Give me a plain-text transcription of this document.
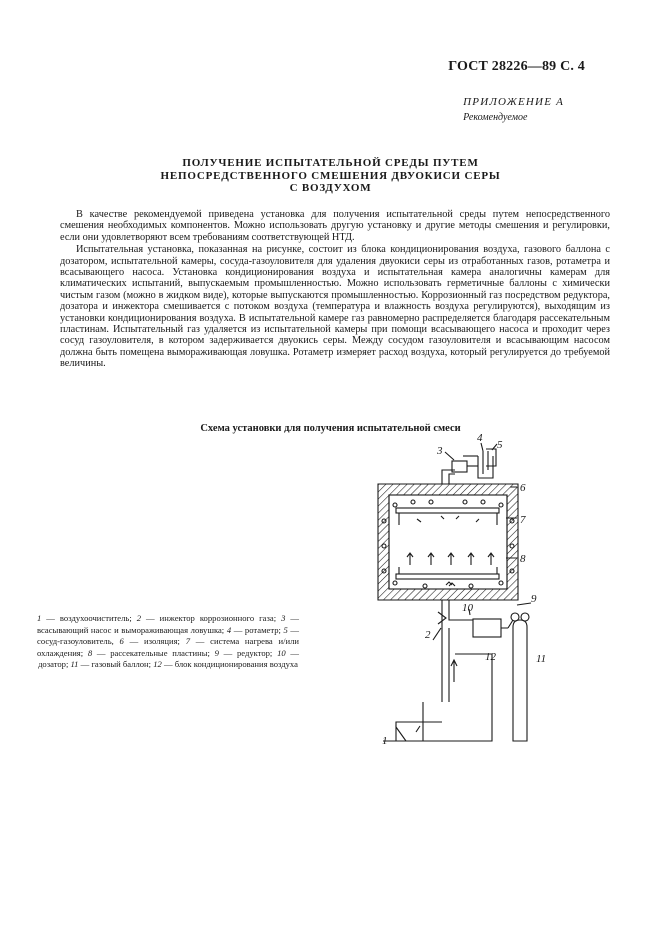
ГОСТ 28226—89 С. 4
ПРИЛОЖЕНИЕ А
Рекомендуемое
ПОЛУЧЕНИЕ ИСПЫТАТЕЛЬНОЙ СРЕДЫ ПУТЕМ
НЕПОСРЕДСТВЕННОГО СМЕШЕНИЯ ДВУОКИСИ СЕРЫ
С ВОЗДУХОМ

В качестве рекомендуемой приведена установка для получения испытательной среды путем непосредственного смешения необходимых компонентов. Можно использовать другую установку и другие методы смешения и регулировки, если они удовлетворяют всем требованиям соответствующей НТД.

Испытательная установка, показанная на рисунке, состоит из блока кондиционирования воздуха, газового баллона с дозатором, испытательной камеры, сосуда-газоуловителя для удаления двуокиси серы из отработанных газов, ротаметра и всасывающего насоса. Установка кондиционирования воздуха и испытательная камера аналогичны камерам для климатических испытаний, выпускаемым промышленностью. Можно использовать герметичные баллоны с химически чистым газом (можно в жидком виде), которые выпускаются промышленностью. Коррозионный газ посредством редуктора, дозатора и инжектора смешивается с потоком воздуха (температура и влажность воздуха регулируются), выходящим из установки кондиционирования воздуха. В испытательной камере газ равномерно распределяется благодаря рассекательным пластинам. Испытательный газ удаляется из испытательной камеры при помощи всасывающего насоса и проходит через сосуд газоуловителя, в котором задерживается двуокись серы. Между сосудом газоуловителя и всасывающим насосом должна быть помещена вымораживающая ловушка. Ротаметр измеряет расход воздуха, который регулируется до требуемой величины.

Схема установки для получения испытательной смеси
1 — воздухоочиститель; 2 — инжектор коррозионного газа; 3 — всасывающий насос и вымораживающая ловушка; 4 — ротаметр; 5 — сосуд-газоуловитель, 6 — изоляция; 7 — система нагрева и/или охлаждения; 8 — рассекательные пластины; 9 — редуктор; 10 — дозатор; 11 — газовый баллон; 12 — блок кондиционирования воздуха
3
4
5
6
7
8
9
10
2
12	11
1
